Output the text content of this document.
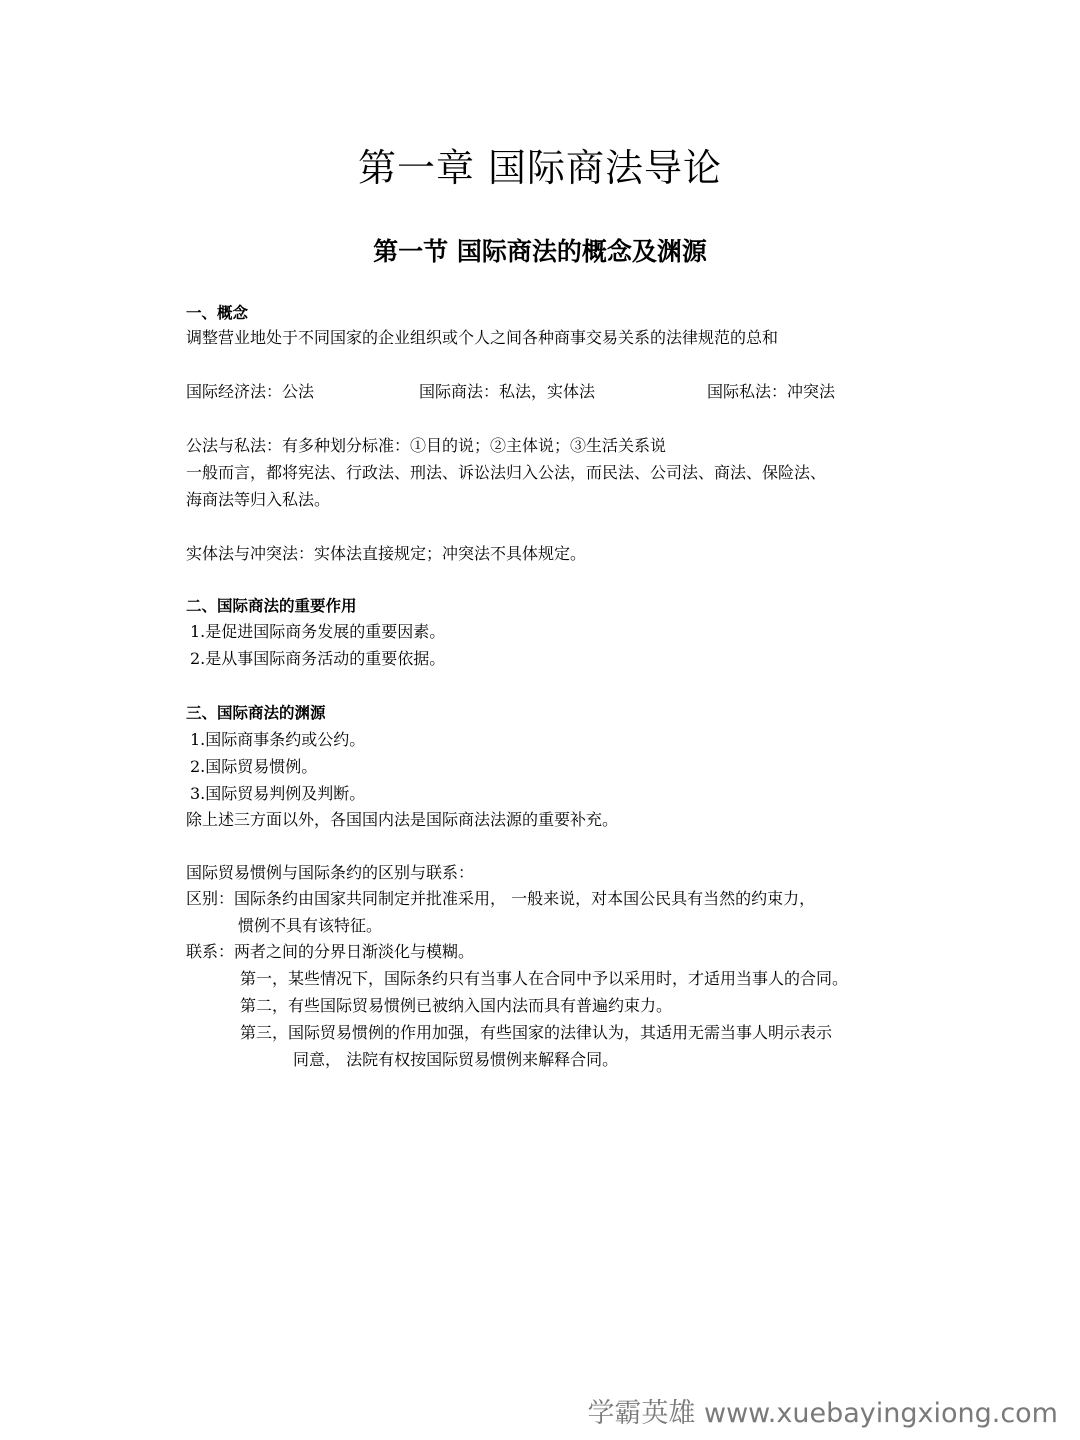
第一章 国际商法导论
第一节 国际商法的概念及渊源
一、概念
调整营业地处于不同国家的企业组织或个人之间各种商事交易关系的法律规范的总和
国际经济法：公法	国际商法：私法，实体法	国际私法：冲突法
公法与私法：有多种划分标准：①目的说；②主体说；③生活关系说
一般而言，都将宪法、行政法、刑法、诉讼法归入公法，而民法、公司法、商法、保险法、
海商法等归入私法。
实体法与冲突法：实体法直接规定；冲突法不具体规定。
二、国际商法的重要作用
1.是促进国际商务发展的重要因素。
2.是从事国际商务活动的重要依据。
三、国际商法的渊源
1.国际商事条约或公约。
2.国际贸易惯例。
3.国际贸易判例及判断。
除上述三方面以外，各国国内法是国际商法法源的重要补充。
国际贸易惯例与国际条约的区别与联系：
区别：国际条约由国家共同制定并批准采用， 一般来说，对本国公民具有当然的约束力，
惯例不具有该特征。
联系：两者之间的分界日渐淡化与模糊。
第一，某些情况下，国际条约只有当事人在合同中予以采用时，才适用当事人的合同。
第二，有些国际贸易惯例已被纳入国内法而具有普遍约束力。
第三，国际贸易惯例的作用加强，有些国家的法律认为，其适用无需当事人明示表示
同意， 法院有权按国际贸易惯例来解释合同。
学霸英雄 www.xuebayingxiong.com
